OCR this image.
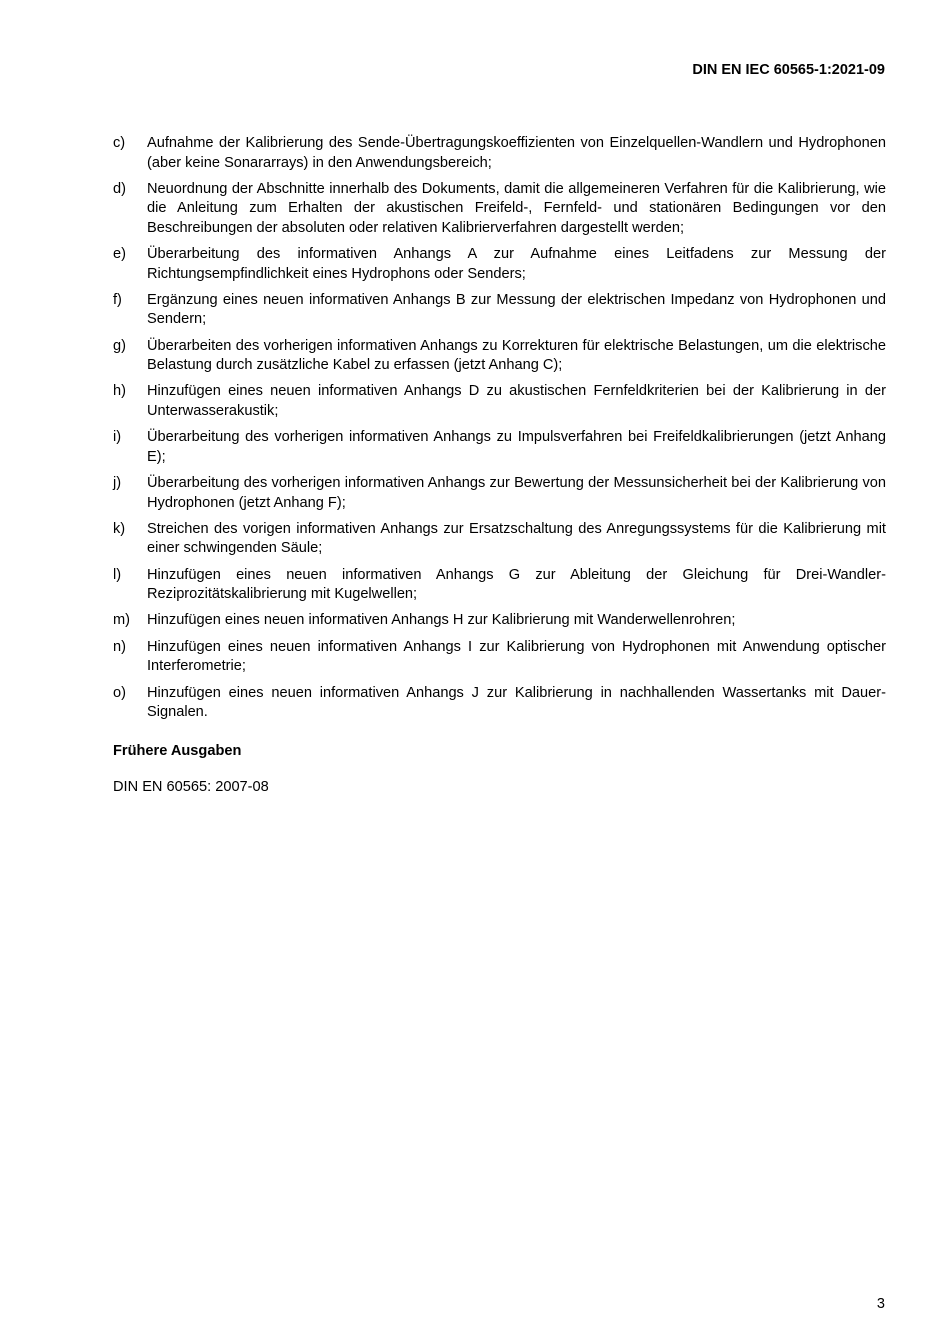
DIN EN IEC 60565-1:2021-09
c)	Aufnahme der Kalibrierung des Sende-Übertragungskoeffizienten von Einzelquellen-Wandlern und Hydrophonen (aber keine Sonararrays) in den Anwendungsbereich;
d)	Neuordnung der Abschnitte innerhalb des Dokuments, damit die allgemeineren Verfahren für die Kalibrierung, wie die Anleitung zum Erhalten der akustischen Freifeld-, Fernfeld- und stationären Bedingungen vor den Beschreibungen der absoluten oder relativen Kalibrierverfahren dargestellt werden;
e)	Überarbeitung des informativen Anhangs A zur Aufnahme eines Leitfadens zur Messung der Richtungsempfindlichkeit eines Hydrophons oder Senders;
f)	Ergänzung eines neuen informativen Anhangs B zur Messung der elektrischen Impedanz von Hydrophonen und Sendern;
g)	Überarbeiten des vorherigen informativen Anhangs zu Korrekturen für elektrische Belastungen, um die elektrische Belastung durch zusätzliche Kabel zu erfassen (jetzt Anhang C);
h)	Hinzufügen eines neuen informativen Anhangs D zu akustischen Fernfeldkriterien bei der Kalibrierung in der Unterwasserakustik;
i)	Überarbeitung des vorherigen informativen Anhangs zu Impulsverfahren bei Freifeldkalibrierungen (jetzt Anhang E);
j)	Überarbeitung des vorherigen informativen Anhangs zur Bewertung der Messunsicherheit bei der Kalibrierung von Hydrophonen (jetzt Anhang F);
k)	Streichen des vorigen informativen Anhangs zur Ersatzschaltung des Anregungssystems für die Kalibrierung mit einer schwingenden Säule;
l)	Hinzufügen eines neuen informativen Anhangs G zur Ableitung der Gleichung für Drei-Wandler-Reziprozitätskalibrierung mit Kugelwellen;
m)	Hinzufügen eines neuen informativen Anhangs H zur Kalibrierung mit Wanderwellenrohren;
n)	Hinzufügen eines neuen informativen Anhangs I zur Kalibrierung von Hydrophonen mit Anwendung optischer Interferometrie;
o)	Hinzufügen eines neuen informativen Anhangs J zur Kalibrierung in nachhallenden Wassertanks mit Dauer-Signalen.
Frühere Ausgaben
DIN EN 60565: 2007-08
3
